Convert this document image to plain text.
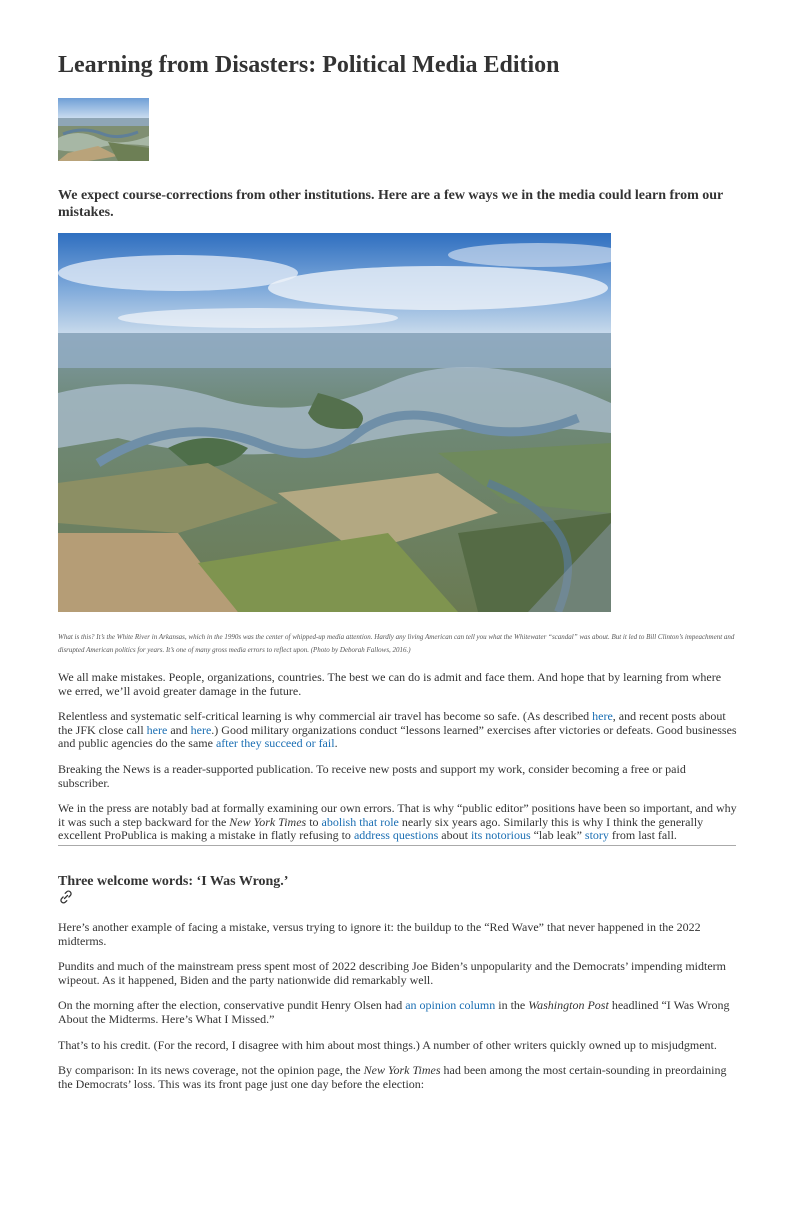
Learning from Disasters: Political Media Edition

We expect course-corrections from other institutions. Here are a few ways we in the media could learn from our mistakes.

What is this? It’s the White River in Arkansas, which in the 1990s was the center of whipped-up media attention. Hardly any living American can tell you what the Whitewater “scandal” was about. But it led to Bill Clinton’s impeachment and disrupted American politics for years. It’s one of many gross media errors to reflect upon. (Photo by Deborah Fallows, 2016.)

We all make mistakes. People, organizations, countries. The best we can do is admit and face them. And hope that by learning from where we erred, we’ll avoid greater damage in the future.

Relentless and systematic self-critical learning is why commercial air travel has become so safe. (As described here, and recent posts about the JFK close call here and here.) Good military organizations conduct “lessons learned” exercises after victories or defeats. Good businesses and public agencies do the same after they succeed or fail.

Breaking the News is a reader-supported publication. To receive new posts and support my work, consider becoming a free or paid subscriber.

We in the press are notably bad at formally examining our own errors. That is why “public editor” positions have been so important, and why it was such a step backward for the New York Times to abolish that role nearly six years ago. Similarly this is why I think the generally excellent ProPublica is making a mistake in flatly refusing to address questions about its notorious “lab leak” story from last fall.

Three welcome words: ‘I Was Wrong.’

Here’s another example of facing a mistake, versus trying to ignore it: the buildup to the “Red Wave” that never happened in the 2022 midterms.

Pundits and much of the mainstream press spent most of 2022 describing Joe Biden’s unpopularity and the Democrats’ impending midterm wipeout. As it happened, Biden and the party nationwide did remarkably well.

On the morning after the election, conservative pundit Henry Olsen had an opinion column in the Washington Post headlined “I Was Wrong About the Midterms. Here’s What I Missed.”

That’s to his credit. (For the record, I disagree with him about most things.) A number of other writers quickly owned up to misjudgment.

By comparison: In its news coverage, not the opinion page, the New York Times had been among the most certain-sounding in preordaining the Democrats’ loss. This was its front page just one day before the election:
